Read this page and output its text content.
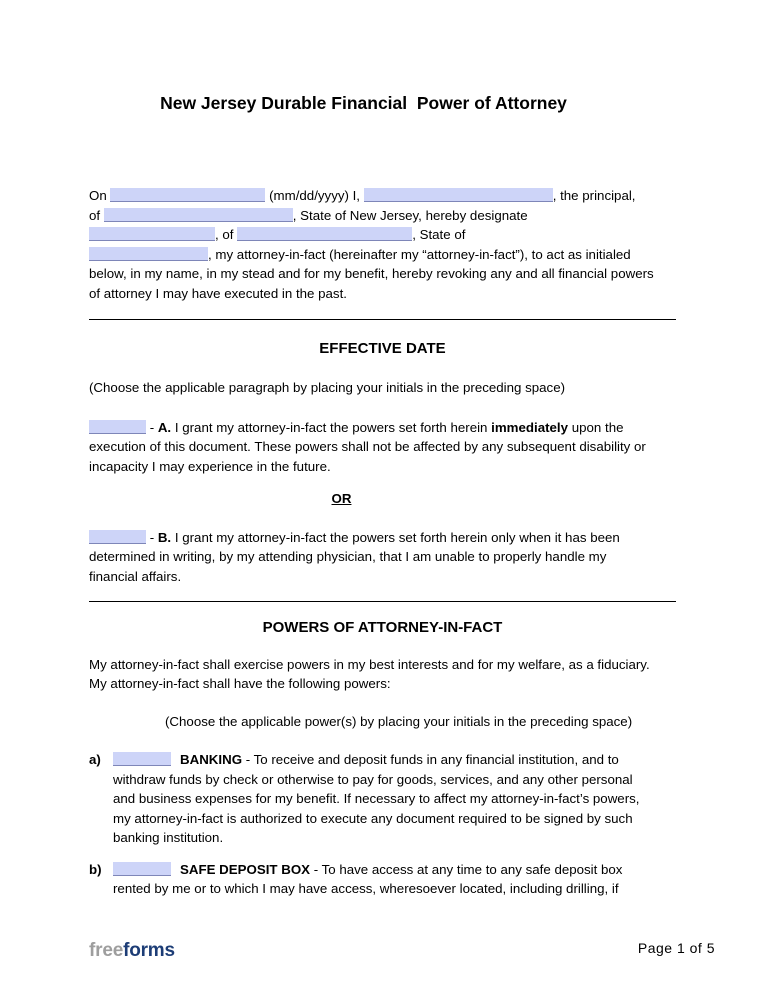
New Jersey Durable Financial  Power of Attorney

On	(mm/dd/yyyy) I,	, the principal,
of	, State of New Jersey, hereby designate
, of	, State of
, my attorney-in-fact (hereinafter my “attorney-in-fact”), to act as initialed
below, in my name, in my stead and for my benefit, hereby revoking any and all financial powers
of attorney I may have executed in the past.

EFFECTIVE DATE

(Choose the applicable paragraph by placing your initials in the preceding space)

- A. I grant my attorney-in-fact the powers set forth herein immediately upon the
execution of this document. These powers shall not be affected by any subsequent disability or
incapacity I may experience in the future.

OR

- B. I grant my attorney-in-fact the powers set forth herein only when it has been
determined in writing, by my attending physician, that I am unable to properly handle my
financial affairs.

POWERS OF ATTORNEY-IN-FACT

My attorney-in-fact shall exercise powers in my best interests and for my welfare, as a fiduciary.
My attorney-in-fact shall have the following powers:

(Choose the applicable power(s) by placing your initials in the preceding space)

a)	BANKING - To receive and deposit funds in any financial institution, and to
withdraw funds by check or otherwise to pay for goods, services, and any other personal
and business expenses for my benefit. If necessary to affect my attorney-in-fact’s powers,
my attorney-in-fact is authorized to execute any document required to be signed by such
banking institution.
b)	SAFE DEPOSIT BOX - To have access at any time to any safe deposit box
rented by me or to which I may have access, wheresoever located, including drilling, if
freeforms	Page 1 of 5
